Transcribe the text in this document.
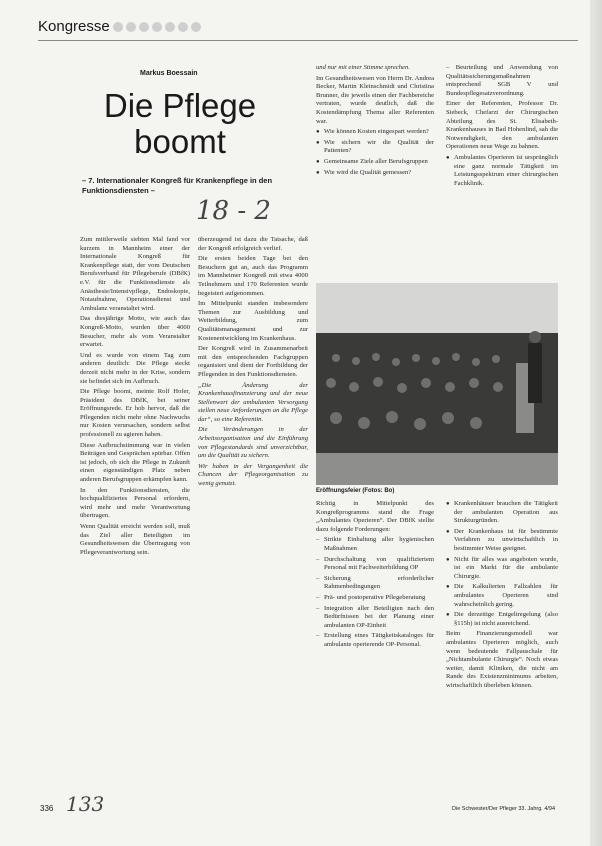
Kongresse
Markus Boessain
Die Pflege
boomt
– 7. Internationaler Kongreß für Krankenpflege in den Funktionsdiensten –
18 - 2

Zum mittlerweile siebten Mal fand vor kurzem in Mannheim einer der Internationale Kongreß für Krankenpflege statt, der vom Deutschen Berufsverband für Pflegeberufe (DBfK) e.V. für die Funktionsdienste als Anästhesie/Intensivpflege, Endoskopie, Notaufnahme, Operationsdienst und Ambulanz veranstaltet wird.

Das diesjährige Motto, wie auch das Kongreß-Motto, wurden über 4000 Besucher, mehr als vom Veranstalter erwartet.

Und es wurde von einem Tag zum anderen deutlich: Die Pflege steckt derzeit nicht mehr in der Krise, sondern sie befindet sich im Aufbruch.

Die Pflege boomt, meinte Rolf Hofer, Präsident des DBfK, bei seiner Eröffnungsrede. Er hob hervor, daß die Pflegenden nicht mehr ohne Nachwuchs nur Kosten verursachen, sondern selbst professionell zu agieren haben.

Diese Aufbruchstimmung war in vielen Beiträgen und Gesprächen spürbar. Offen ist jedoch, ob sich die Pflege in Zukunft einen eigenständigen Platz neben anderen Berufsgruppen erkämpfen kann.

In den Funktionsdiensten, die hochqualifiziertes Personal erfordern, wird mehr und mehr Verantwortung übertragen.

Wenn Qualität erreicht werden soll, muß das Ziel aller Beteiligten im Gesundheitswesen die Übertragung von Pflegeverantwortung sein.

überzeugend ist dazu die Tatsache, daß der Kongreß erfolgreich verlief.

Die ersten beiden Tage bei den Besuchern gut an, auch das Programm im Mannheimer Kongreß mit etwa 4000 Teilnehmern und 170 Referenten wurde begeistert aufgenommen.

Im Mittelpunkt standen insbesondere Themen zur Ausbildung und Weiterbildung, zum Qualitätsmanagement und zur Kostenentwicklung im Krankenhaus.

Der Kongreß wird in Zusammenarbeit mit den entsprechenden Fachgruppen organisiert und dient der Fortbildung der Pflegenden in den Funktionsdiensten.

„Die Änderung der Krankenhausfinanzierung und der neue Stellenwert der ambulanten Versorgung stellen neue Anforderungen an die Pflege dar“, so eine Referentin.

Die Veränderungen in der Arbeitsorganisation und die Einführung von Pflegestandards sind unverzichtbar, um die Qualität zu sichern.

Wir haben in der Vergangenheit die Chancen der Pflegeorganisation zu wenig genutzt.

und nur mit einer Stimme sprechen.

Im Gesundheitswesen von Herrn Dr. Andrea Becker, Martin Kleinschmidt und Christina Brunner, die jeweils einen der Fachbereiche vertraten, wurde deutlich, daß die Kostendämpfung Thema aller Referenten war.

● Wie können Kosten eingespart werden?

● Wie sichern wir die Qualität der Patienten?

● Gemeinsame Ziele aller Berufsgruppen

● Wie wird die Qualität gemessen?

– Beurteilung und Anwendung von Qualitätssicherungsmaßnahmen entsprechend SGB V und Bundespflegesatzverordnung.

Einer der Referenten, Professor Dr. Siebeck, Chefarzt der Chirurgischen Abteilung des St. Elisabeth-Krankenhauses in Bad Hohenlind, sah die Notwendigkeit, den ambulanten Operationen neue Wege zu bahnen.

● Ambulantes Operieren ist ursprünglich eine ganz normale Tätigkeit im Leistungsspektrum einer chirurgischen Fachklinik.

Eröffnungsfeier (Fotos: Bo)

Richtig in Mittelpunkt des Kongreßprogramms stand die Frage „Ambulantes Operieren“. Der DBfK stellte dazu folgende Forderungen:

– Strikte Einhaltung aller hygienischen Maßnahmen

– Durchschaltung von qualifiziertem Personal mit Fachweiterbildung OP

– Sicherung erforderlicher Rahmenbedingungen

– Prä- und postoperative Pflegeberatung

– Integration aller Beteiligten nach den Bedürfnissen bei der Planung einer ambulanten OP-Einheit

– Erstellung eines Tätigkeitskataloges für ambulante operierende OP-Personal.

● Krankenhäuser brauchen die Tätigkeit der ambulanten Operation aus Strukturgründen.

● Der Krankenhaus ist für bestimmte Verfahren zu unwirtschaftlich in bestimmter Weise geeignet.

● Nicht für alles was angeboten wurde, ist ein Markt für die ambulante Chirurgie.

● Die Kalkulierten Fallzahlen für ambulantes Operieren sind wahrscheinlich gering.

● Die derzeitige Entgeltregelung (also §115b) ist nicht ausreichend.

Beim Finanzierungsmodell war ambulantes Operieren möglich, auch wenn bedeutende Fallpauschale für „Nichtambulante Chirurgie“. Noch etwas weiter, damit Kliniken, die nicht am Rande des Existenzminimums arbeiten, wirtschaftlich überleben können.

336 133	Die Schwester/Der Pfleger 33. Jahrg. 4/94
